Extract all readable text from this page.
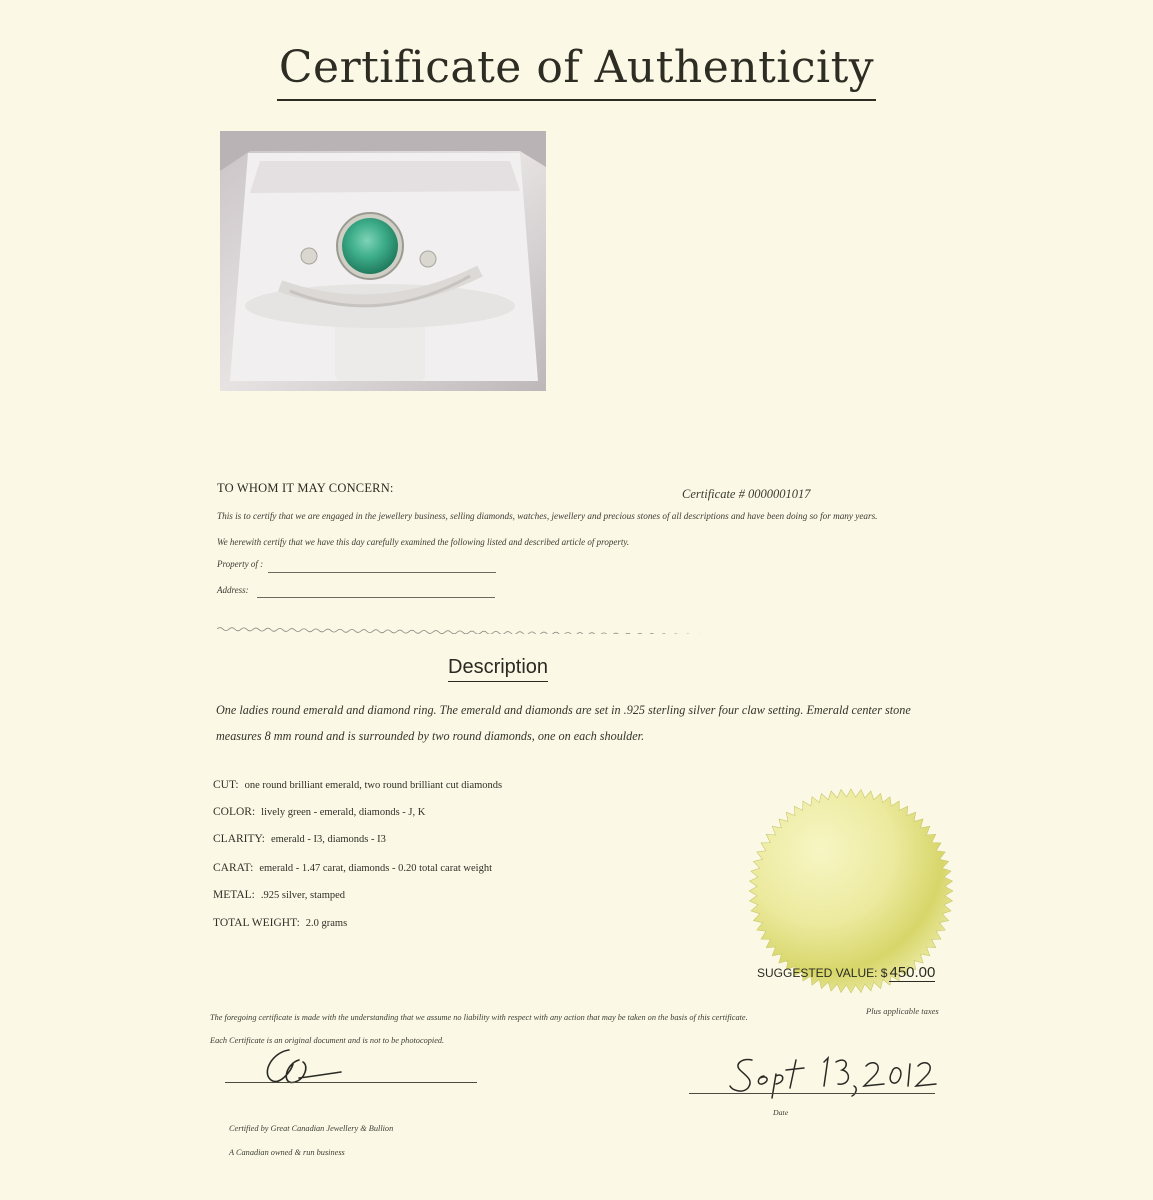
Certificate of Authenticity
TO WHOM IT MAY CONCERN:	Certificate # 0000001017
This is to certify that we are engaged in the jewellery business, selling diamonds, watches, jewellery and precious stones of all descriptions and have been doing so for many years.
We herewith certify that we have this day carefully examined the following listed and described article of property.
Property of :
Address:
Description
One ladies round emerald and diamond ring. The emerald and diamonds are set in .925 sterling silver four claw setting. Emerald center stone measures 8 mm round and is surrounded by two round diamonds, one on each shoulder.
CUT: one round brilliant emerald, two round brilliant cut diamonds
COLOR: lively green - emerald, diamonds - J, K
CLARITY: emerald - I3, diamonds - I3
CARAT: emerald - 1.47 carat, diamonds - 0.20 total carat weight
METAL: .925 silver, stamped
TOTAL WEIGHT: 2.0 grams
SUGGESTED VALUE: $ 450.00
Plus applicable taxes
The foregoing certificate is made with the understanding that we assume no liability with respect with any action that may be taken on the basis of this certificate.
Each Certificate is an original document and is not to be photocopied.
Certified by Great Canadian Jewellery & Bullion
A Canadian owned & run business
Date
